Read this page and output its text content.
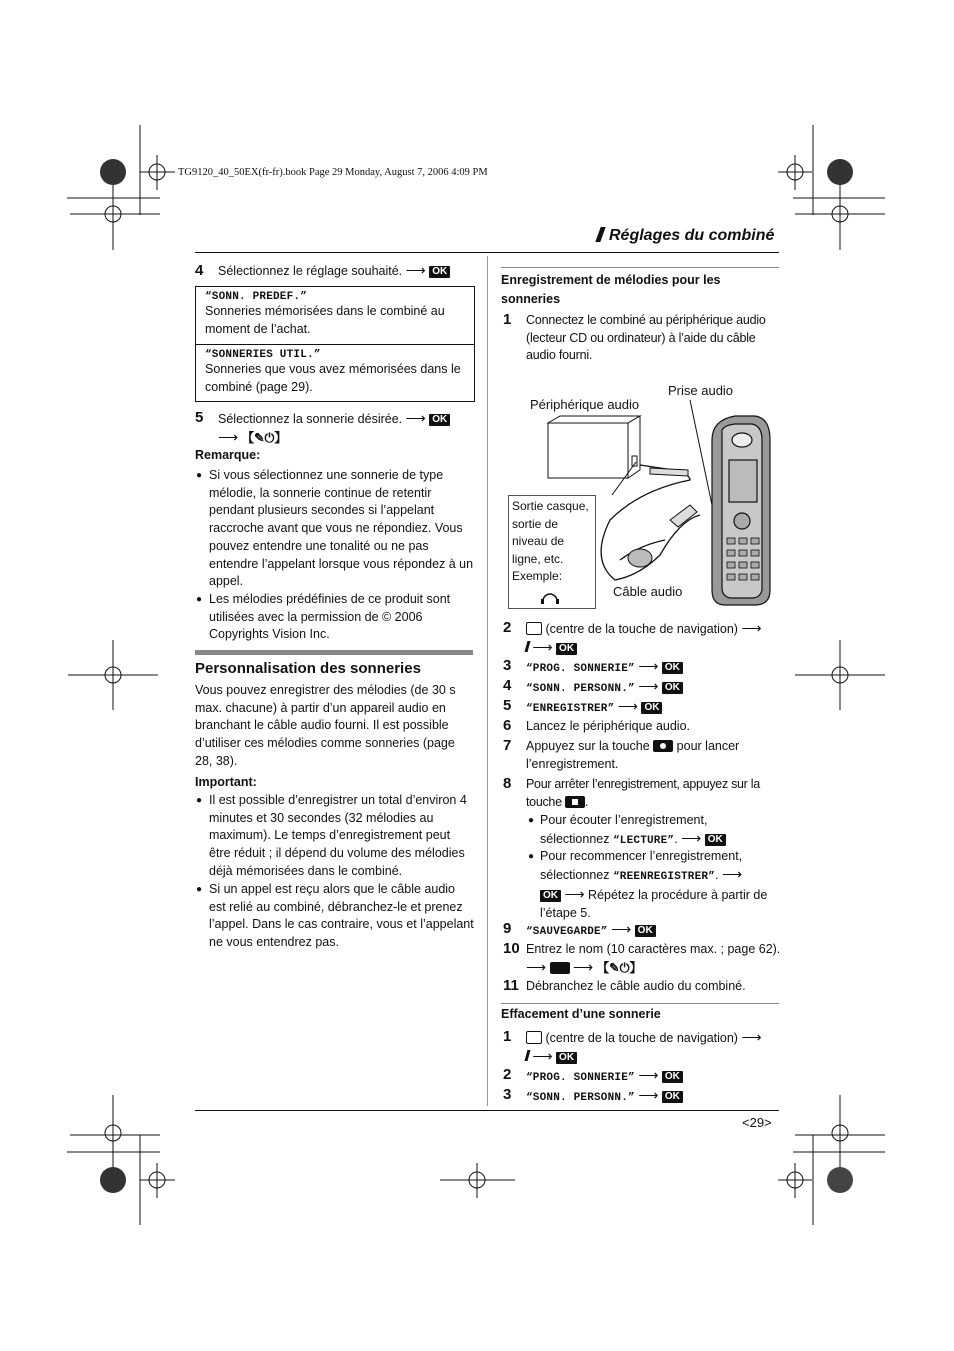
TG9120_40_50EX(fr-fr).book Page 29 Monday, August 7, 2006 4:09 PM
Réglages du combiné
4 Sélectionnez le réglage souhaité. ⟶ OK
“SONN. PREDEF.”
Sonneries mémorisées dans le combiné au moment de l’achat.
“SONNERIES UTIL.”
Sonneries que vous avez mémorisées dans le combiné (page 29).
5 Sélectionnez la sonnerie désirée. ⟶ OK
⟶ 【✎⏻】
Remarque:
● Si vous sélectionnez une sonnerie de type mélodie, la sonnerie continue de retentir pendant plusieurs secondes si l’appelant raccroche avant que vous ne répondiez. Vous pouvez entendre une tonalité ou ne pas entendre l’appelant lorsque vous répondez à un appel.
● Les mélodies prédéfinies de ce produit sont utilisées avec la permission de © 2006 Copyrights Vision Inc.
Personnalisation des sonneries
Vous pouvez enregistrer des mélodies (de 30 s max. chacune) à partir d’un appareil audio en branchant le câble audio fourni. Il est possible d’utiliser ces mélodies comme sonneries (page 28, 38).
Important:
● Il est possible d’enregistrer un total d’environ 4 minutes et 30 secondes (32 mélodies au maximum). Le temps d’enregistrement peut être réduit ; il dépend du volume des mélodies déjà mémorisées dans le combiné.
● Si un appel est reçu alors que le câble audio est relié au combiné, débranchez-le et prenez l’appel. Dans le cas contraire, vous et l’appelant ne vous entendrez pas.
Enregistrement de mélodies pour les sonneries
1 Connectez le combiné au périphérique audio (lecteur CD ou ordinateur) à l’aide du câble audio fourni.
Périphérique audio
Prise audio
Câble audio
Sortie casque, sortie de niveau de ligne, etc. Exemple:
2	(centre de la touche de navigation) ⟶
⟶ OK
3 “PROG. SONNERIE” ⟶ OK
4 “SONN. PERSONN.” ⟶ OK
5 “ENREGISTRER” ⟶ OK
6 Lancez le périphérique audio.
7 Appuyez sur la touche pour lancer l’enregistrement.
8 Pour arrêter l’enregistrement, appuyez sur la touche .
● Pour écouter l’enregistrement, sélectionnez “LECTURE”. ⟶ OK
● Pour recommencer l’enregistrement, sélectionnez “REENREGISTRER”. ⟶
OK ⟶ Répétez la procédure à partir de l’étape 5.
9 “SAUVEGARDE” ⟶ OK
10 Entrez le nom (10 caractères max. ; page 62). ⟶ ⟶ 【✎⏻】
11 Débranchez le câble audio du combiné.
Effacement d’une sonnerie
1	(centre de la touche de navigation) ⟶
⟶ OK
2 “PROG. SONNERIE” ⟶ OK
3 “SONN. PERSONN.” ⟶ OK
<29>
